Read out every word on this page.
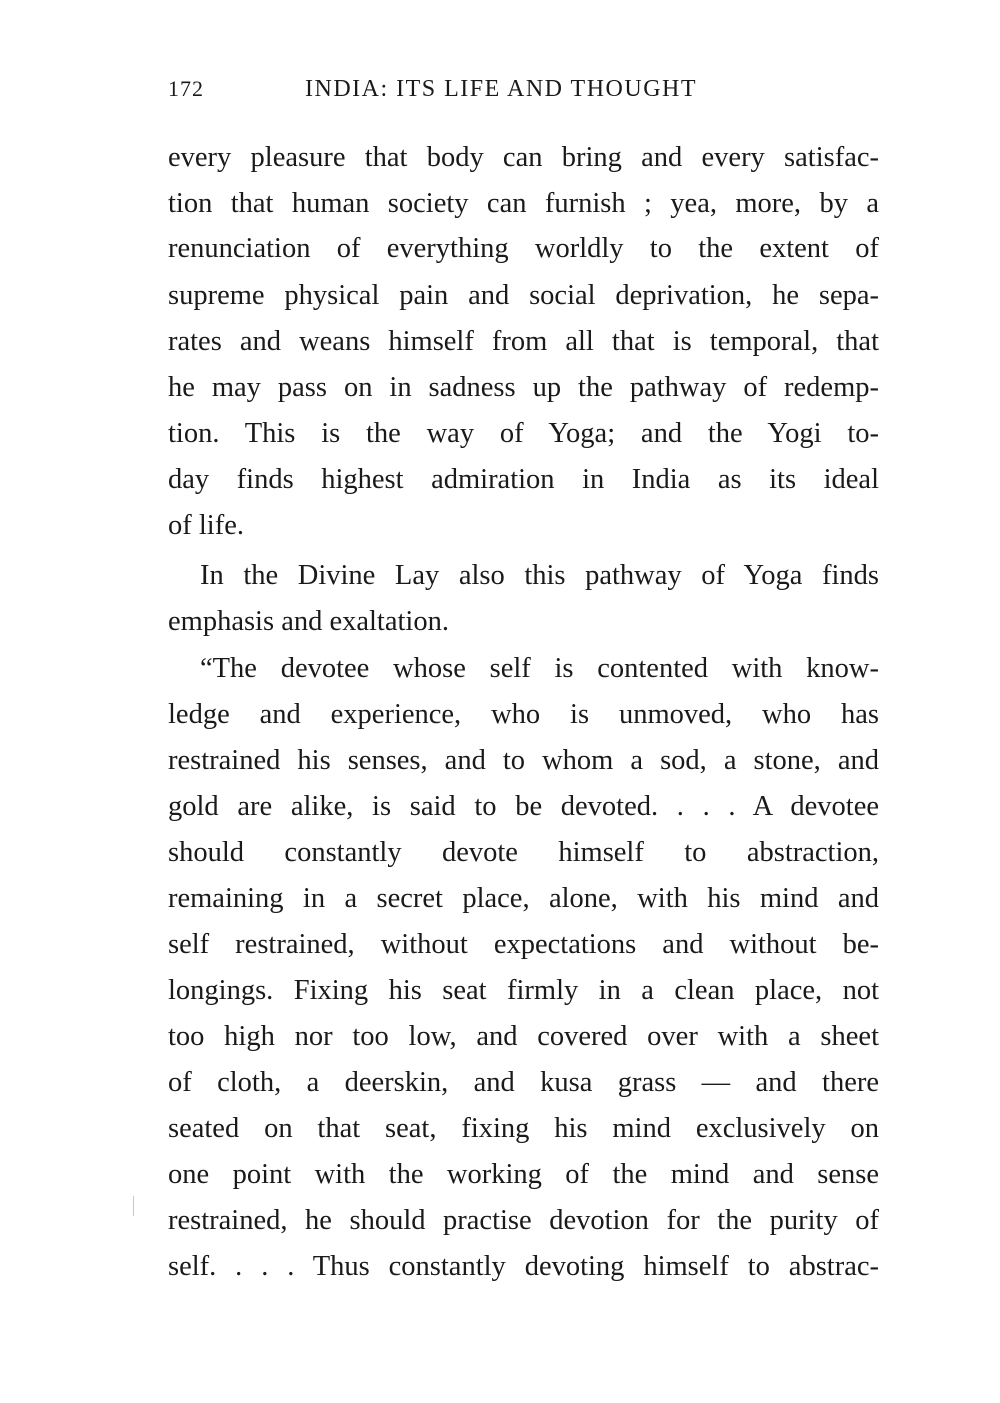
172	INDIA: ITS LIFE AND THOUGHT
every pleasure that body can bring and every satisfac-
tion that human society can furnish ; yea, more, by a
renunciation of everything worldly to the extent of
supreme physical pain and social deprivation, he sepa-
rates and weans himself from all that is temporal, that
he may pass on in sadness up the pathway of redemp-
tion. This is the way of Yoga; and the Yogi to-
day finds highest admiration in India as its ideal
of life.
In the Divine Lay also this pathway of Yoga finds
emphasis and exaltation.
“The devotee whose self is contented with know-
ledge and experience, who is unmoved, who has
restrained his senses, and to whom a sod, a stone, and
gold are alike, is said to be devoted. . . . A devotee
should constantly devote himself to abstraction,
remaining in a secret place, alone, with his mind and
self restrained, without expectations and without be-
longings. Fixing his seat firmly in a clean place, not
too high nor too low, and covered over with a sheet
of cloth, a deerskin, and kusa grass — and there
seated on that seat, fixing his mind exclusively on
one point with the working of the mind and sense
restrained, he should practise devotion for the purity of
self. . . . Thus constantly devoting himself to abstrac-
